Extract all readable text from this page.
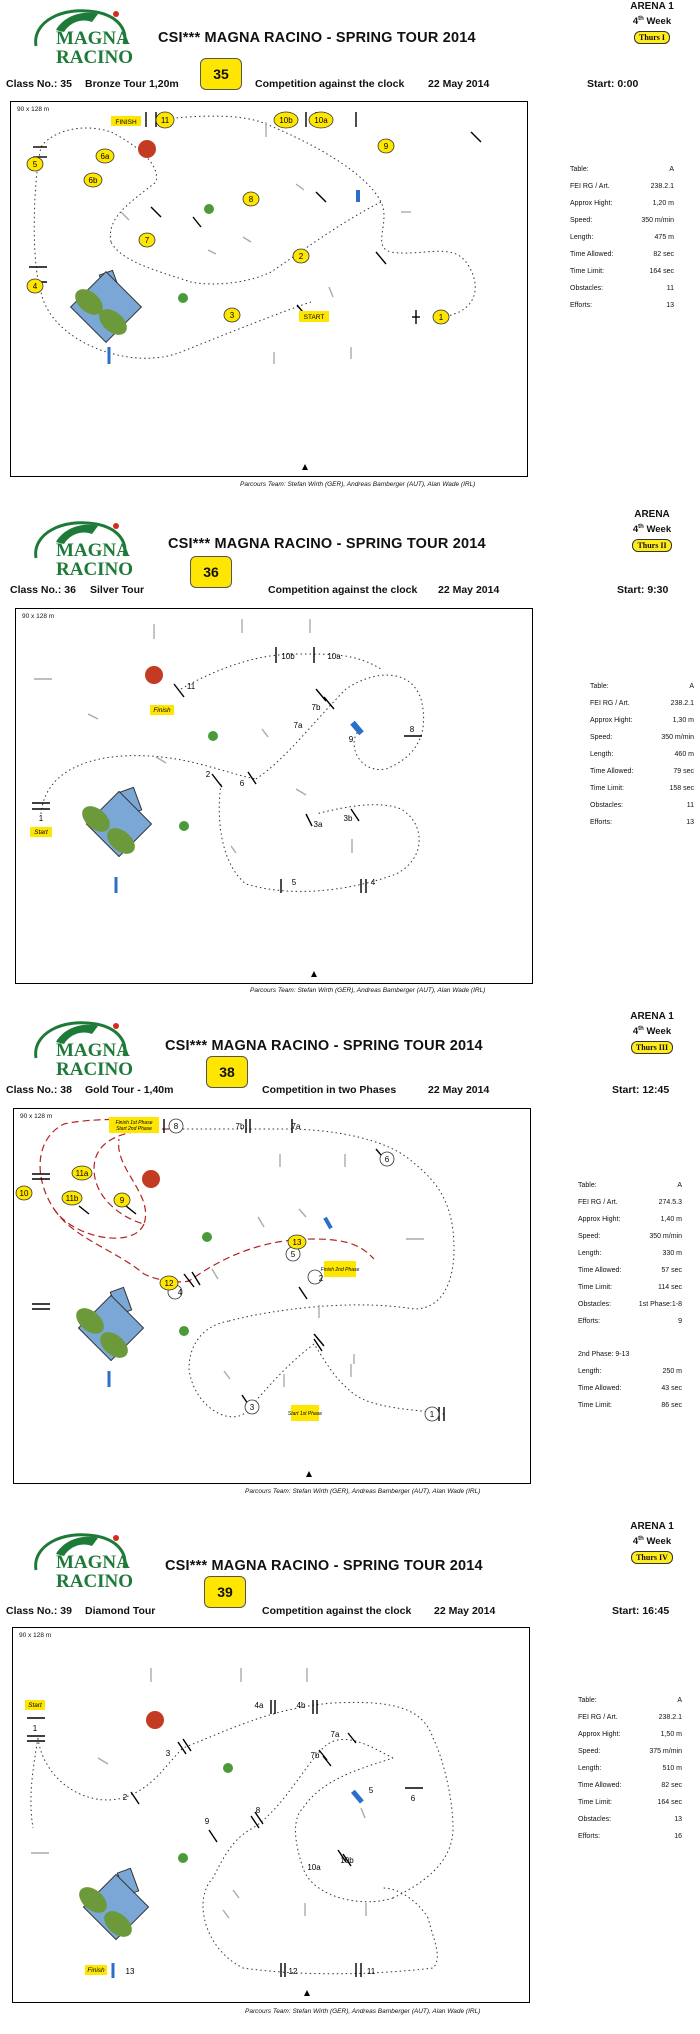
MAGNA
RACINO
CSI*** MAGNA RACINO - SPRING TOUR 2014
ARENA 1
4th Week
Thurs I
35
Class No.: 35 Bronze Tour 1,20m	Competition against the clock 22 May 2014	Start: 0:00
90 x 128 m
1
2
3
4
5
6a
6b
7
8
9
10a
10b
11
FINISH
START
Parcours Team: Stefan Wirth (GER), Andreas Bamberger (AUT), Alan Wade (IRL)
Table:	A
FEI RG / Art.	238.2.1
Approx Hight:	1,20 m
Speed:	350 m/min
Length:	475 m
Time Allowed:	82 sec
Time Limit:	164 sec
Obstacles:	11
Efforts:	13
MAGNA
RACINO
CSI*** MAGNA RACINO - SPRING TOUR 2014
ARENA
4th Week
Thurs II
36
Class No.: 36 Silver Tour	Competition against the clock 22 May 2014	Start: 9:30
90 x 128 m
1
2
3a
3b
4
5
6
7a
7b
8
9
10a
10b
11
Finish
Start
Parcours Team: Stefan Wirth (GER), Andreas Bamberger (AUT), Alan Wade (IRL)
Table:	A
FEI RG / Art.	238.2.1
Approx Hight:	1,30 m
Speed:	350 m/min
Length:	460 m
Time Allowed:	79 sec
Time Limit:	158 sec
Obstacles:	11
Efforts:	13
MAGNA
RACINO
CSI*** MAGNA RACINO - SPRING TOUR 2014
ARENA 1
4th Week
Thurs III
38
Class No.: 38 Gold Tour - 1,40m	Competition in two Phases	22 May 2014	Start: 12:45
90 x 128 m
1
2
3
4
5
6
7a
7b
8
9
10
11a
11b
12
13
Finish 1st Phase
Start 2nd Phase
Finish 2nd Phase
Start 1st Phase
Parcours Team: Stefan Wirth (GER), Andreas Bamberger (AUT), Alan Wade (IRL)
Table:	A
FEI RG / Art.	274.5.3
Approx Hight:	1,40 m
Speed:	350 m/min
Length:	330 m
Time Allowed:	57 sec
Time Limit:	114 sec
Obstacles:	1st Phase:1-8
Efforts:	9
2nd Phase: 9-13
Length:	250 m
Time Allowed:	43 sec
Time Limit:	86 sec
MAGNA
RACINO
CSI*** MAGNA RACINO - SPRING TOUR 2014
ARENA 1
4th Week
Thurs IV
39
Class No.: 39 Diamond Tour	Competition against the clock 22 May 2014	Start: 16:45
90 x 128 m
1
2
3
4a	4b
5
6
7a
7b
8
9
10a
10b
11
12
13
Start
Finish
Parcours Team: Stefan Wirth (GER), Andreas Bamberger (AUT), Alan Wade (IRL)
Table:	A
FEI RG / Art.	238.2.1
Approx Hight:	1,50 m
Speed:	375 m/min
Length:	510 m
Time Allowed:	82 sec
Time Limit:	164 sec
Obstacles:	13
Efforts:	16
